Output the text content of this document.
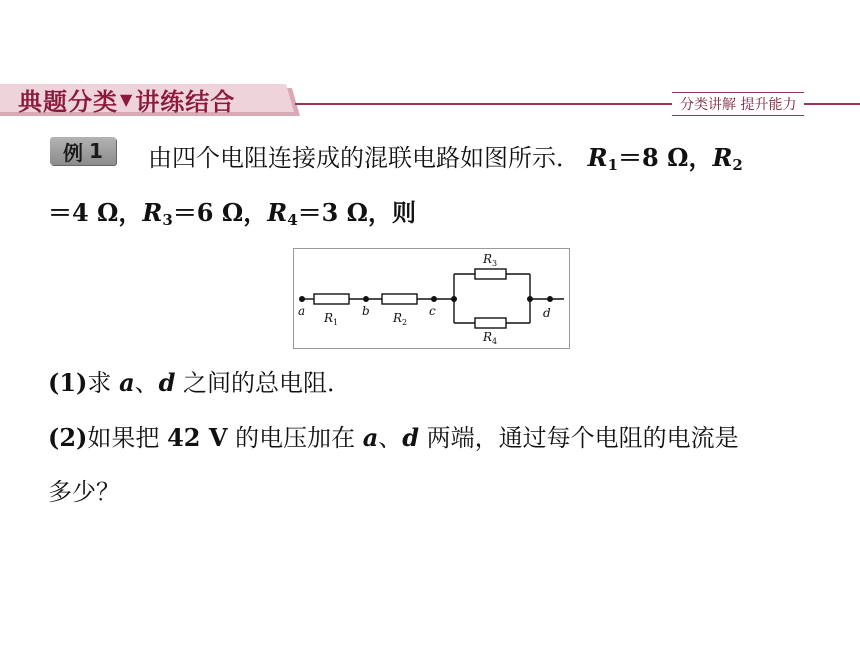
典题分类 ▼ 讲练结合	分类讲解 提升能力
例 1 由四个电阻连接成的混联电路如图所示． $R_1=8$ Ω，$R_2$
＝4 Ω，$R_3=6$ Ω，$R_4=3$ Ω，则
a	b	c	d
$R_1$	$R_2$
$R_3$
$R_4$
(1)求 a、d 之间的总电阻．
(2)如果把 42 V 的电压加在 a、d 两端，通过每个电阻的电流是
多少？
